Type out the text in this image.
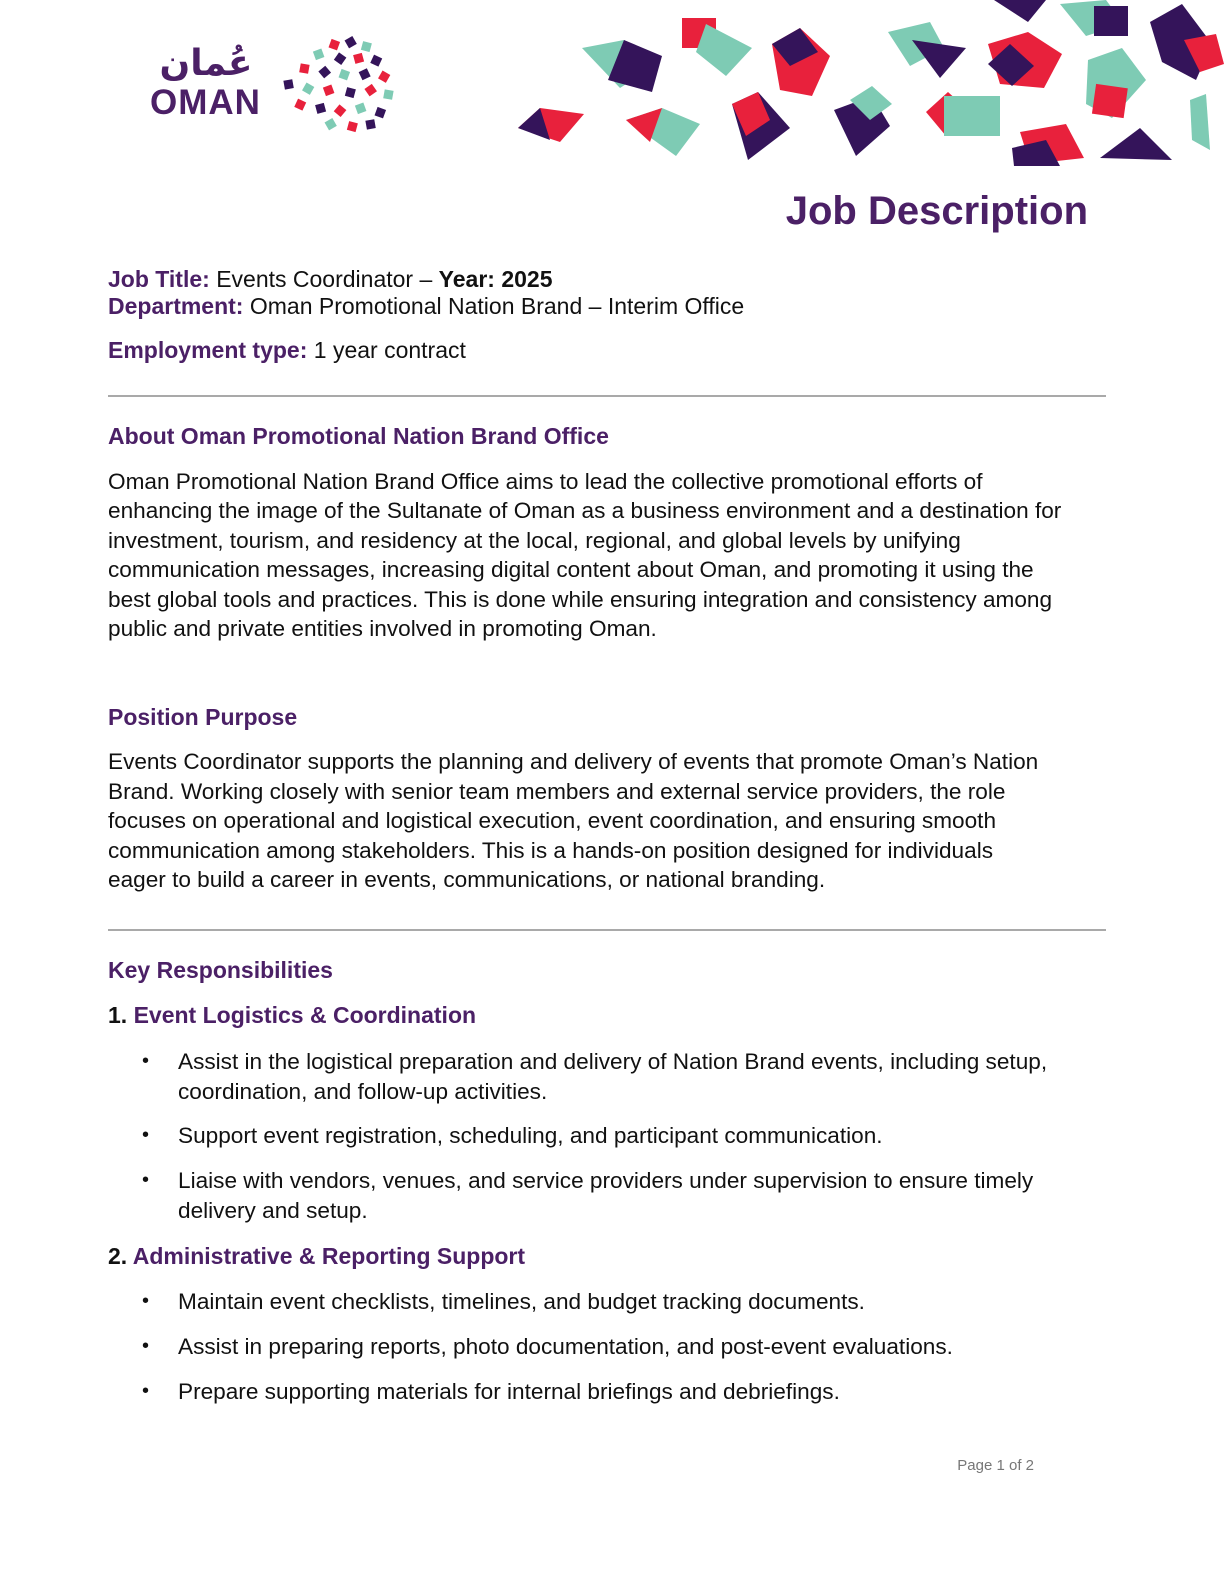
عُمان
OMAN
Job Description
Job Title: Events Coordinator – Year: 2025
Department: Oman Promotional Nation Brand – Interim Office
Employment type: 1 year contract
About Oman Promotional Nation Brand Office

Oman Promotional Nation Brand Office aims to lead the collective promotional efforts of

enhancing the image of the Sultanate of Oman as a business environment and a destination for

investment, tourism, and residency at the local, regional, and global levels by unifying

communication messages, increasing digital content about Oman, and promoting it using the

best global tools and practices. This is done while ensuring integration and consistency among

public and private entities involved in promoting Oman.

Position Purpose

Events Coordinator supports the planning and delivery of events that promote Oman’s Nation

Brand. Working closely with senior team members and external service providers, the role

focuses on operational and logistical execution, event coordination, and ensuring smooth

communication among stakeholders. This is a hands-on position designed for individuals

eager to build a career in events, communications, or national branding.

Key Responsibilities
1. Event Logistics & Coordination
• Assist in the logistical preparation and delivery of Nation Brand events, including setup,
coordination, and follow-up activities.
• Support event registration, scheduling, and participant communication.
• Liaise with vendors, venues, and service providers under supervision to ensure timely
delivery and setup.
2. Administrative & Reporting Support
• Maintain event checklists, timelines, and budget tracking documents.
• Assist in preparing reports, photo documentation, and post-event evaluations.
• Prepare supporting materials for internal briefings and debriefings.
Page 1 of 2
